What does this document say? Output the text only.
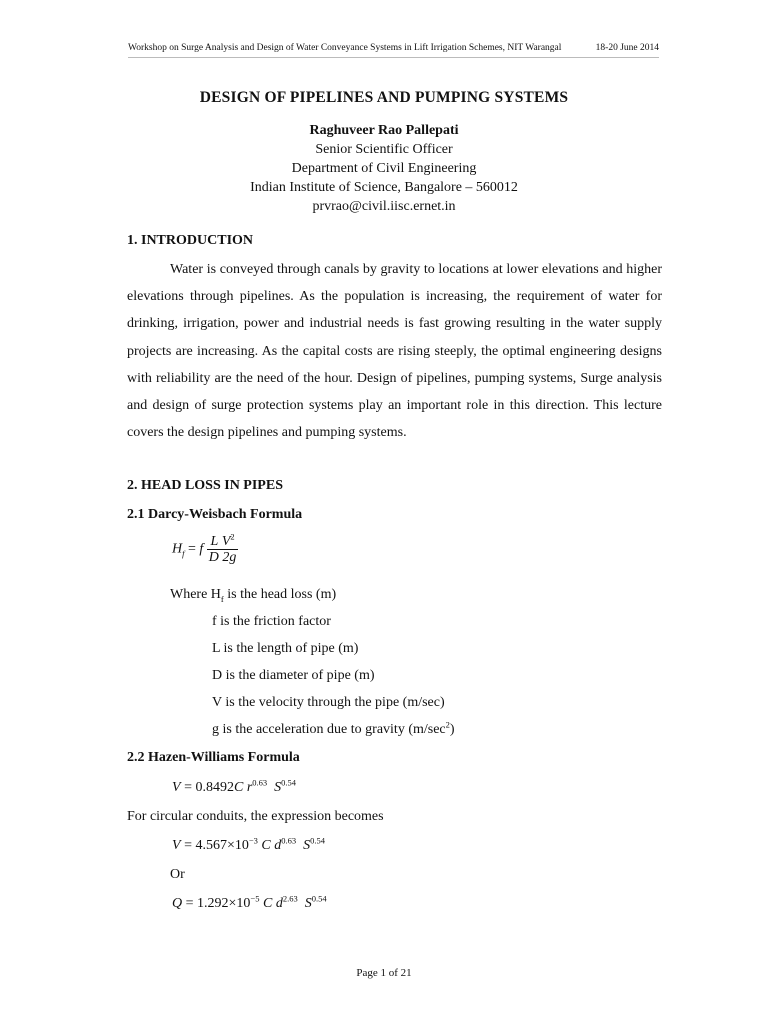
Workshop on Surge Analysis and Design of Water Conveyance Systems in Lift Irrigation Schemes, NIT Warangal	18-20 June 2014
DESIGN OF PIPELINES AND PUMPING SYSTEMS
Raghuveer Rao Pallepati
Senior Scientific Officer
Department of Civil Engineering
Indian Institute of Science, Bangalore – 560012
prvrao@civil.iisc.ernet.in
1. INTRODUCTION
Water is conveyed through canals by gravity to locations at lower elevations and higher elevations through pipelines. As the population is increasing, the requirement of water for drinking, irrigation, power and industrial needs is fast growing resulting in the water supply projects are increasing. As the capital costs are rising steeply, the optimal engineering designs with reliability are the need of the hour. Design of pipelines, pumping systems, Surge analysis and design of surge protection systems play an important role in this direction. This lecture covers the design pipelines and pumping systems.
2. HEAD LOSS IN PIPES
2.1 Darcy-Weisbach Formula
$H_f = f \frac{L V^2}{D 2g}$
Where $H_f$ is the head loss (m)
f is the friction factor
L is the length of pipe (m)
D is the diameter of pipe (m)
V is the velocity through the pipe (m/sec)
g is the acceleration due to gravity $(m/\sec^2)$
2.2 Hazen-Williams Formula
V = 0.8492C $r^{0.63}$ $S^{0.54}$
For circular conduits, the expression becomes
$V = 4.567\times 10^{-3}$ C $d^{0.63}$ $S^{0.54}$
Or
$Q = 1.292\times 10^{-5}$ C $d^{2.63}$ $S^{0.54}$
Page 1 of 21
